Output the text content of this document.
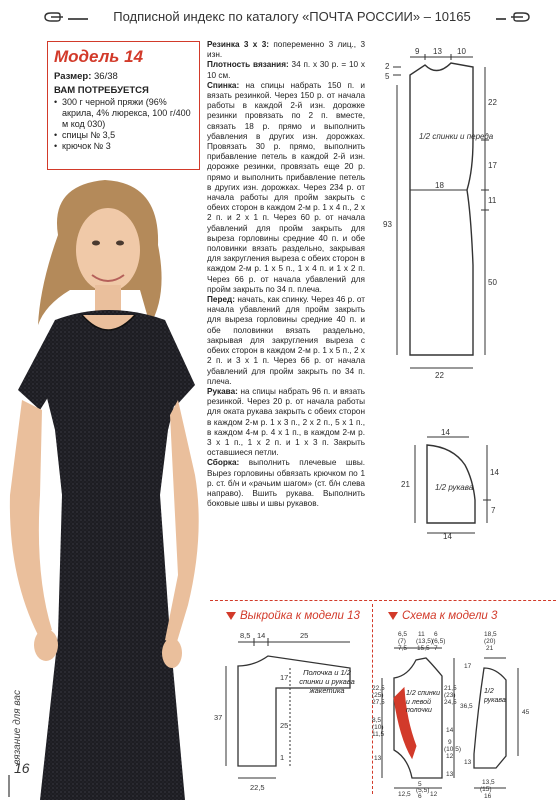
Подписной индекс по каталогу «ПОЧТА РОССИИ» – 10165
Модель 14
Размер: 36/38
ВАМ ПОТРЕБУЕТСЯ
• 300 г черной пряжи (96% акрила, 4% люрекса, 100 г/400 м код 030)
• спицы № 3,5
• крючок № 3

Резинка 3 х 3: попеременно 3 лиц., 3 изн.

Плотность вязания: 34 п. х 30 р. = 10 х 10 см.

Спинка: на спицы набрать 150 п. и вязать резинкой. Через 150 р. от начала работы в каждой 2-й изн. дорожке резинки провязать по 2 п. вместе, связать 18 р. прямо и выполнить убавления в других изн. дорожках. Провязать 30 р. прямо, выполнить прибавление петель в каждой 2-й изн. дорожке резинки, провязать еще 20 р. прямо и выполнить прибавление петель в других изн. дорожках. Через 234 р. от начала работы для пройм закрыть с обеих сторон в каждом 2-м р. 1 х 4 п., 2 х 2 п. и 2 х 1 п. Через 60 р. от начала убавлений для пройм закрыть для выреза горловины средние 40 п. и обе половинки вязать раздельно, закрывая для закругления выреза с обеих сторон в каждом 2-м р. 1 х 5 п., 1 х 4 п. и 1 х 2 п. Через 66 р. от начала убавлений для пройм закрыть по 34 п. плеча.

Перед: начать, как спинку. Через 46 р. от начала убавлений для пройм закрыть для выреза горловины средние 40 п. и обе половинки вязать раздельно, закрывая для закругления выреза с обеих сторон в каждом 2-м р. 1 х 5 п., 2 х 2 п. и 3 х 1 п. Через 66 р. от начала убавлений для пройм закрыть по 34 п. плеча.

Рукава: на спицы набрать 96 п. и вязать резинкой. Через 20 р. от начала работы для оката рукава закрыть с обеих сторон в каждом 2-м р. 1 х 3 п., 2 х 2 п., 5 х 1 п., в каждом 4-м р. 4 х 1 п., в каждом 2-м р. 3 х 1 п., 1 х 2 п. и 1 х 3 п. Закрыть оставшиеся петли.

Сборка: выполнить плечевые швы. Вырез горловины обвязать крючком по 1 р. ст. б/н и «рачьим шагом» (ст. б/н слева направо). Вшить рукава. Выполнить боковые швы и швы рукавов.

9 13 10
2
5
22
17
11
50
93
18
22
1/2 спинки и переда
14
21
14
7
14
1/2 рукава
Выкройка к модели 13	Схема к модели 3
8,5 14	25
17
25
1
37
22,5
Полочка и 1/2 спинки и рукава жакетика
6,5
(7)
7,5
11
(13,5)
15,5
6
(6,5)
7
18,5
(20)
21
22,5
(25)
27,5
8,5
(10)
11,5
13
21,5
(23)
24,5
14
9
(10,5)
12
13
12,5
5
(5,5)
6 12
17
36,5
45
13
13,5
(15)
16
1/2 спинки и левой полочки
1/2 рукава
вязание для вас
16
